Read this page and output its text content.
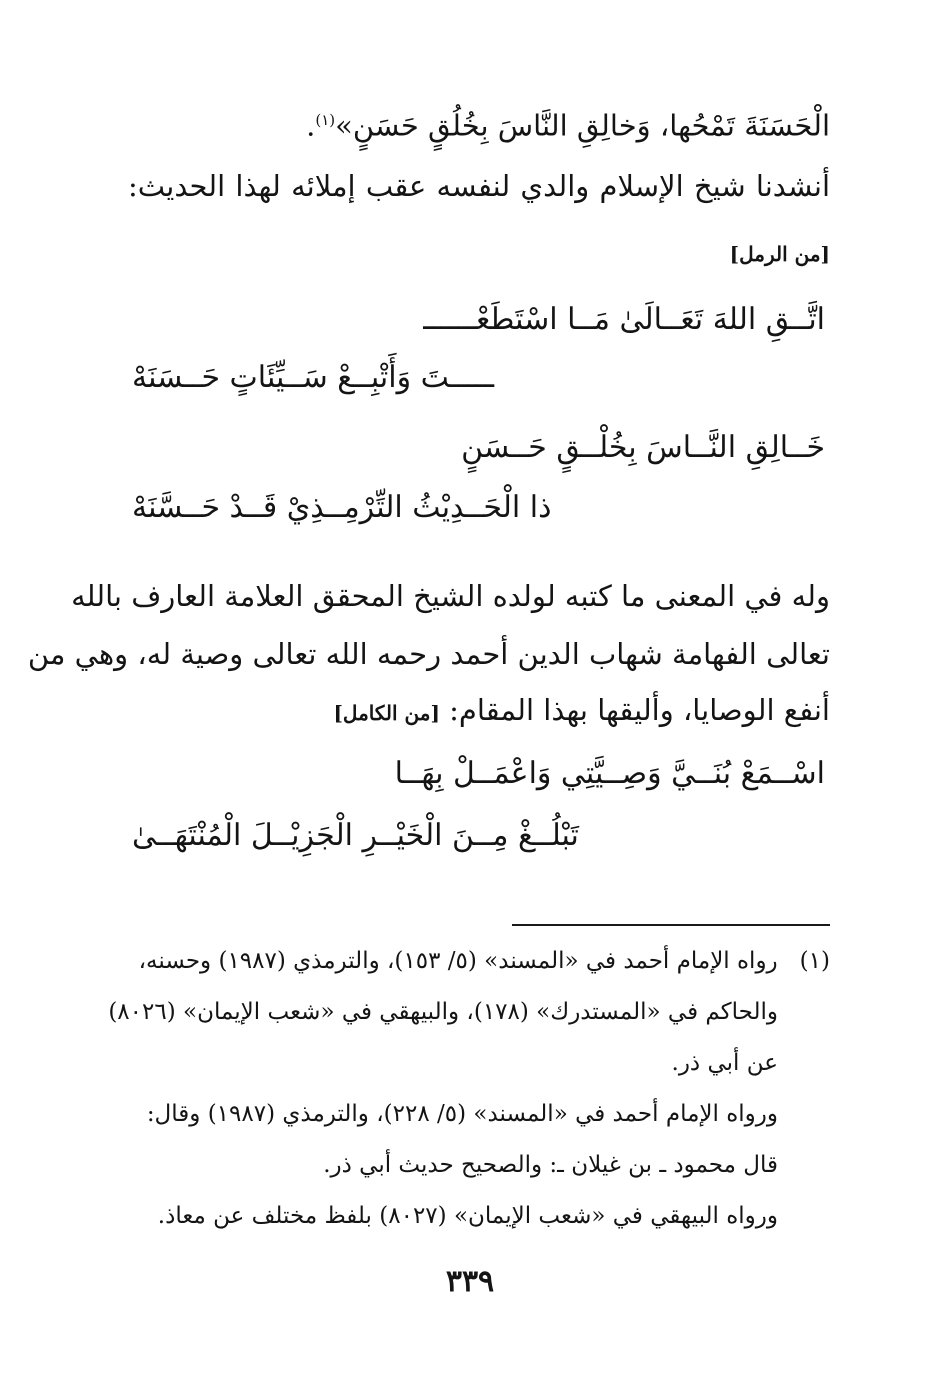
الْحَسَنَةَ تَمْحُها، وَخالِقِ النَّاسَ بِخُلُقٍ حَسَنٍ»$^{(١)}$.
أنشدنا شيخ الإسلام والدي لنفسه عقب إملائه لهذا الحديث:
[من الرمل]
اتَّــقِ اللهَ تَعَــالَىٰ مَــا اسْتَطَعْــــــ
ـــــتَ وَأَتْبِــعْ سَــيِّئَاتٍ حَــسَنَهْ
خَــالِقِ النَّــاسَ بِخُلْــقٍ حَــسَنٍ
ذا الْحَــدِيْثُ التِّرْمِــذِيْ قَــدْ حَــسَّنَهْ
وله في المعنى ما كتبه لولده الشيخ المحقق العلامة العارف بالله
تعالى الفهامة شهاب الدين أحمد رحمه الله تعالى وصية له، وهي من
أنفع الوصايا، وأليقها بهذا المقام: [من الكامل]
اسْــمَعْ بُنَــيَّ وَصِــيَّتِي وَاعْمَــلْ بِهَــا
تَبْلُــغْ مِــنَ الْخَيْــرِ الْجَزِيْــلَ الْمُنْتَهَــىٰ
(١)رواه الإمام أحمد في «المسند» (٥/ ١٥٣)، والترمذي (١٩٨٧) وحسنه،
والحاكم في «المستدرك» (١٧٨)، والبيهقي في «شعب الإيمان» (٨٠٢٦)
عن أبي ذر.
ورواه الإمام أحمد في «المسند» (٥/ ٢٢٨)، والترمذي (١٩٨٧) وقال:
قال محمود ـ بن غيلان ـ: والصحيح حديث أبي ذر.
ورواه البيهقي في «شعب الإيمان» (٨٠٢٧) بلفظ مختلف عن معاذ.
٣٣٩
